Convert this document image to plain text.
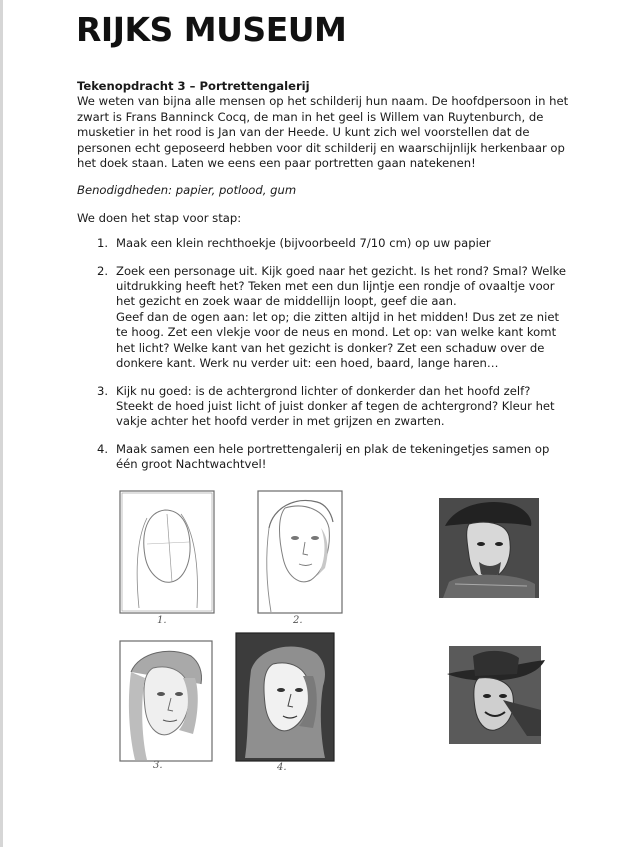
RIJKS MUSEUM

Tekenopdracht 3 – Portrettengalerij

We weten van bijna alle mensen op het schilderij hun naam. De hoofdpersoon in het zwart is Frans Banninck Cocq, de man in het geel is Willem van Ruytenburch, de musketier in het rood is Jan van der Heede. U kunt zich wel voorstellen dat de personen echt geposeerd hebben voor dit schilderij en waarschijnlijk herkenbaar op het doek staan. Laten we eens een paar portretten gaan natekenen!

Benodigdheden: papier, potlood, gum

We doen het stap voor stap:

1. Maak een klein rechthoekje (bijvoorbeeld 7/10 cm) op uw papier
2. Zoek een personage uit. Kijk goed naar het gezicht. Is het rond? Smal? Welke uitdrukking heeft het? Teken met een dun lijntje een rondje of ovaaltje voor het gezicht en zoek waar de middellijn loopt, geef die aan.
Geef dan de ogen aan: let op; die zitten altijd in het midden! Dus zet ze niet te hoog. Zet een vlekje voor de neus en mond. Let op: van welke kant komt het licht? Welke kant van het gezicht is donker? Zet een schaduw over de donkere kant. Werk nu verder uit: een hoed, baard, lange haren…
3. Kijk nu goed: is de achtergrond lichter of donkerder dan het hoofd zelf? Steekt de hoed juist licht of juist donker af tegen de achtergrond? Kleur het vakje achter het hoofd verder in met grijzen en zwarten.
4. Maak samen een hele portrettengalerij en plak de tekeningetjes samen op één groot Nachtwachtvel!
1.	2.
3.	4.
